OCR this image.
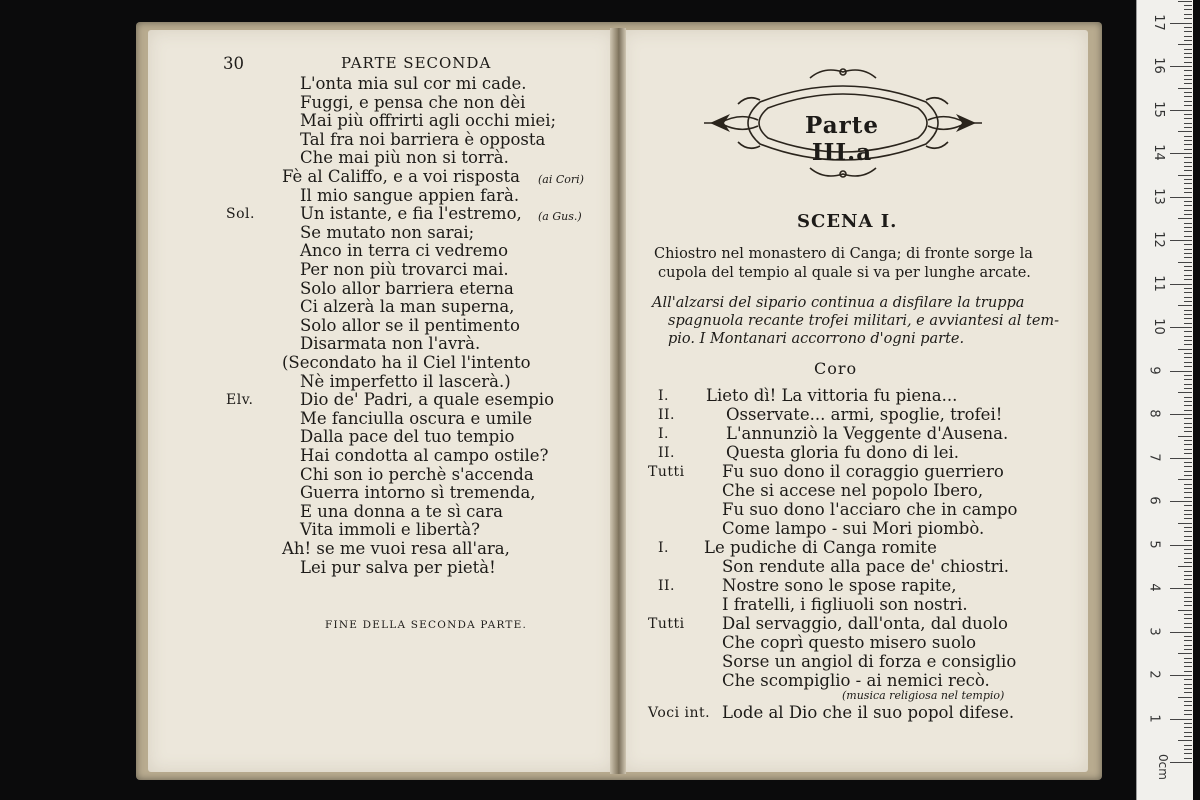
30	PARTE SECONDA
L'onta mia sul cor mi cade.
Fuggi, e pensa che non dèi
Mai più offrirti agli occhi miei;
Tal fra noi barriera è opposta
Che mai più non si torrà.
Fè al Califfo, e a voi risposta (ai Cori)
Il mio sangue appien farà.
Sol.	Un istante, e fia l'estremo, (a Gus.)
Se mutato non sarai;
Anco in terra ci vedremo
Per non più trovarci mai.
Solo allor barriera eterna
Ci alzerà la man superna,
Solo allor se il pentimento
Disarmata non l'avrà.
(Secondato ha il Ciel l'intento
Nè imperfetto il lascerà.)
Elv.	Dio de' Padri, a quale esempio
Me fanciulla oscura e umile
Dalla pace del tuo tempio
Hai condotta al campo ostile?
Chi son io perchè s'accenda
Guerra intorno sì tremenda,
E una donna a te sì cara
Vita immoli e libertà?
Ah! se me vuoi resa all'ara,
Lei pur salva per pietà!
FINE DELLA SECONDA PARTE.
Parte III.a
SCENA I.
Chiostro nel monastero di Canga; di fronte sorge la
cupola del tempio al quale si va per lunghe arcate.
All'alzarsi del sipario continua a disfilare la truppa
spagnuola recante trofei militari, e avviantesi al tem-
pio. I Montanari accorrono d'ogni parte.
Coro
I. Lieto dì! La vittoria fu piena...
II.	Osservate... armi, spoglie, trofei!
I.	L'annunziò la Veggente d'Ausena.
II.	Questa gloria fu dono di lei.
Tutti Fu suo dono il coraggio guerriero
Che si accese nel popolo Ibero,
Fu suo dono l'acciaro che in campo
Come lampo - sui Mori piombò.
I. Le pudiche di Canga romite
Son rendute alla pace de' chiostri.
II.	Nostre sono le spose rapite,
I fratelli, i figliuoli son nostri.
Tutti Dal servaggio, dall'onta, dal duolo
Che coprì questo misero suolo
Sorse un angiol di forza e consiglio
Che scompiglio - ai nemici recò.
(musica religiosa nel tempio)
Voci int. Lode al Dio che il suo popol difese.	1
2
3
4
5
6
7
8
9
10
11
12
13
14
15
16
17
0cm
